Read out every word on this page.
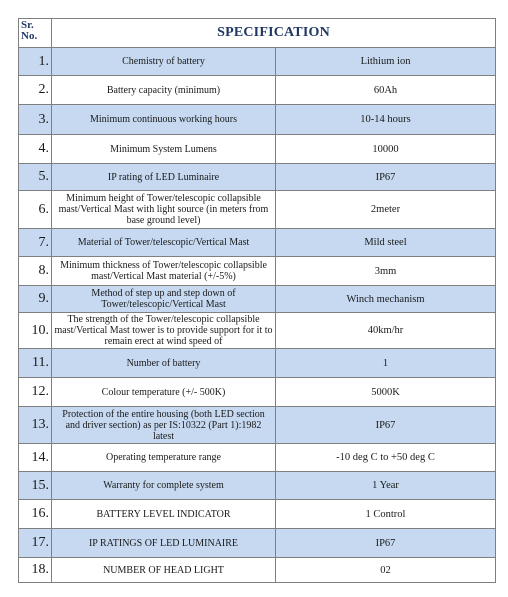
Sr. No.	SPECIFICATION	
1.	Chemistry of battery	Lithium ion
2.	Battery capacity (minimum)	60Ah
3.	Minimum continuous working hours	10-14 hours
4.	Minimum System Lumens	10000
5.	IP rating of LED Luminaire	IP67
6.	Minimum height of Tower/telescopic collapsible mast/Vertical Mast with light source (in meters from base ground level)	2meter
7.	Material of Tower/telescopic/Vertical Mast	Mild steel
8.	Minimum thickness of Tower/telescopic collapsible mast/Vertical Mast material (+/-5%)	3mm
9.	Method of step up and step down of Tower/telescopic/Vertical Mast	Winch mechanism
10.	The strength of the Tower/telescopic collapsible mast/Vertical Mast tower is to provide support for it to remain erect at wind speed of	40km/hr
11.	Number of battery	1
12.	Colour temperature (+/- 500K)	5000K
13.	Protection of the entire housing (both LED section and driver section) as per IS:10322 (Part 1):1982 latest	IP67
14.	Operating temperature range	-10 deg C to +50 deg C
15.	Warranty for complete system	1 Year
16.	BATTERY LEVEL INDICATOR	1 Control
17.	IP RATINGS OF LED LUMINAIRE	IP67
18.	NUMBER OF HEAD LIGHT	02
